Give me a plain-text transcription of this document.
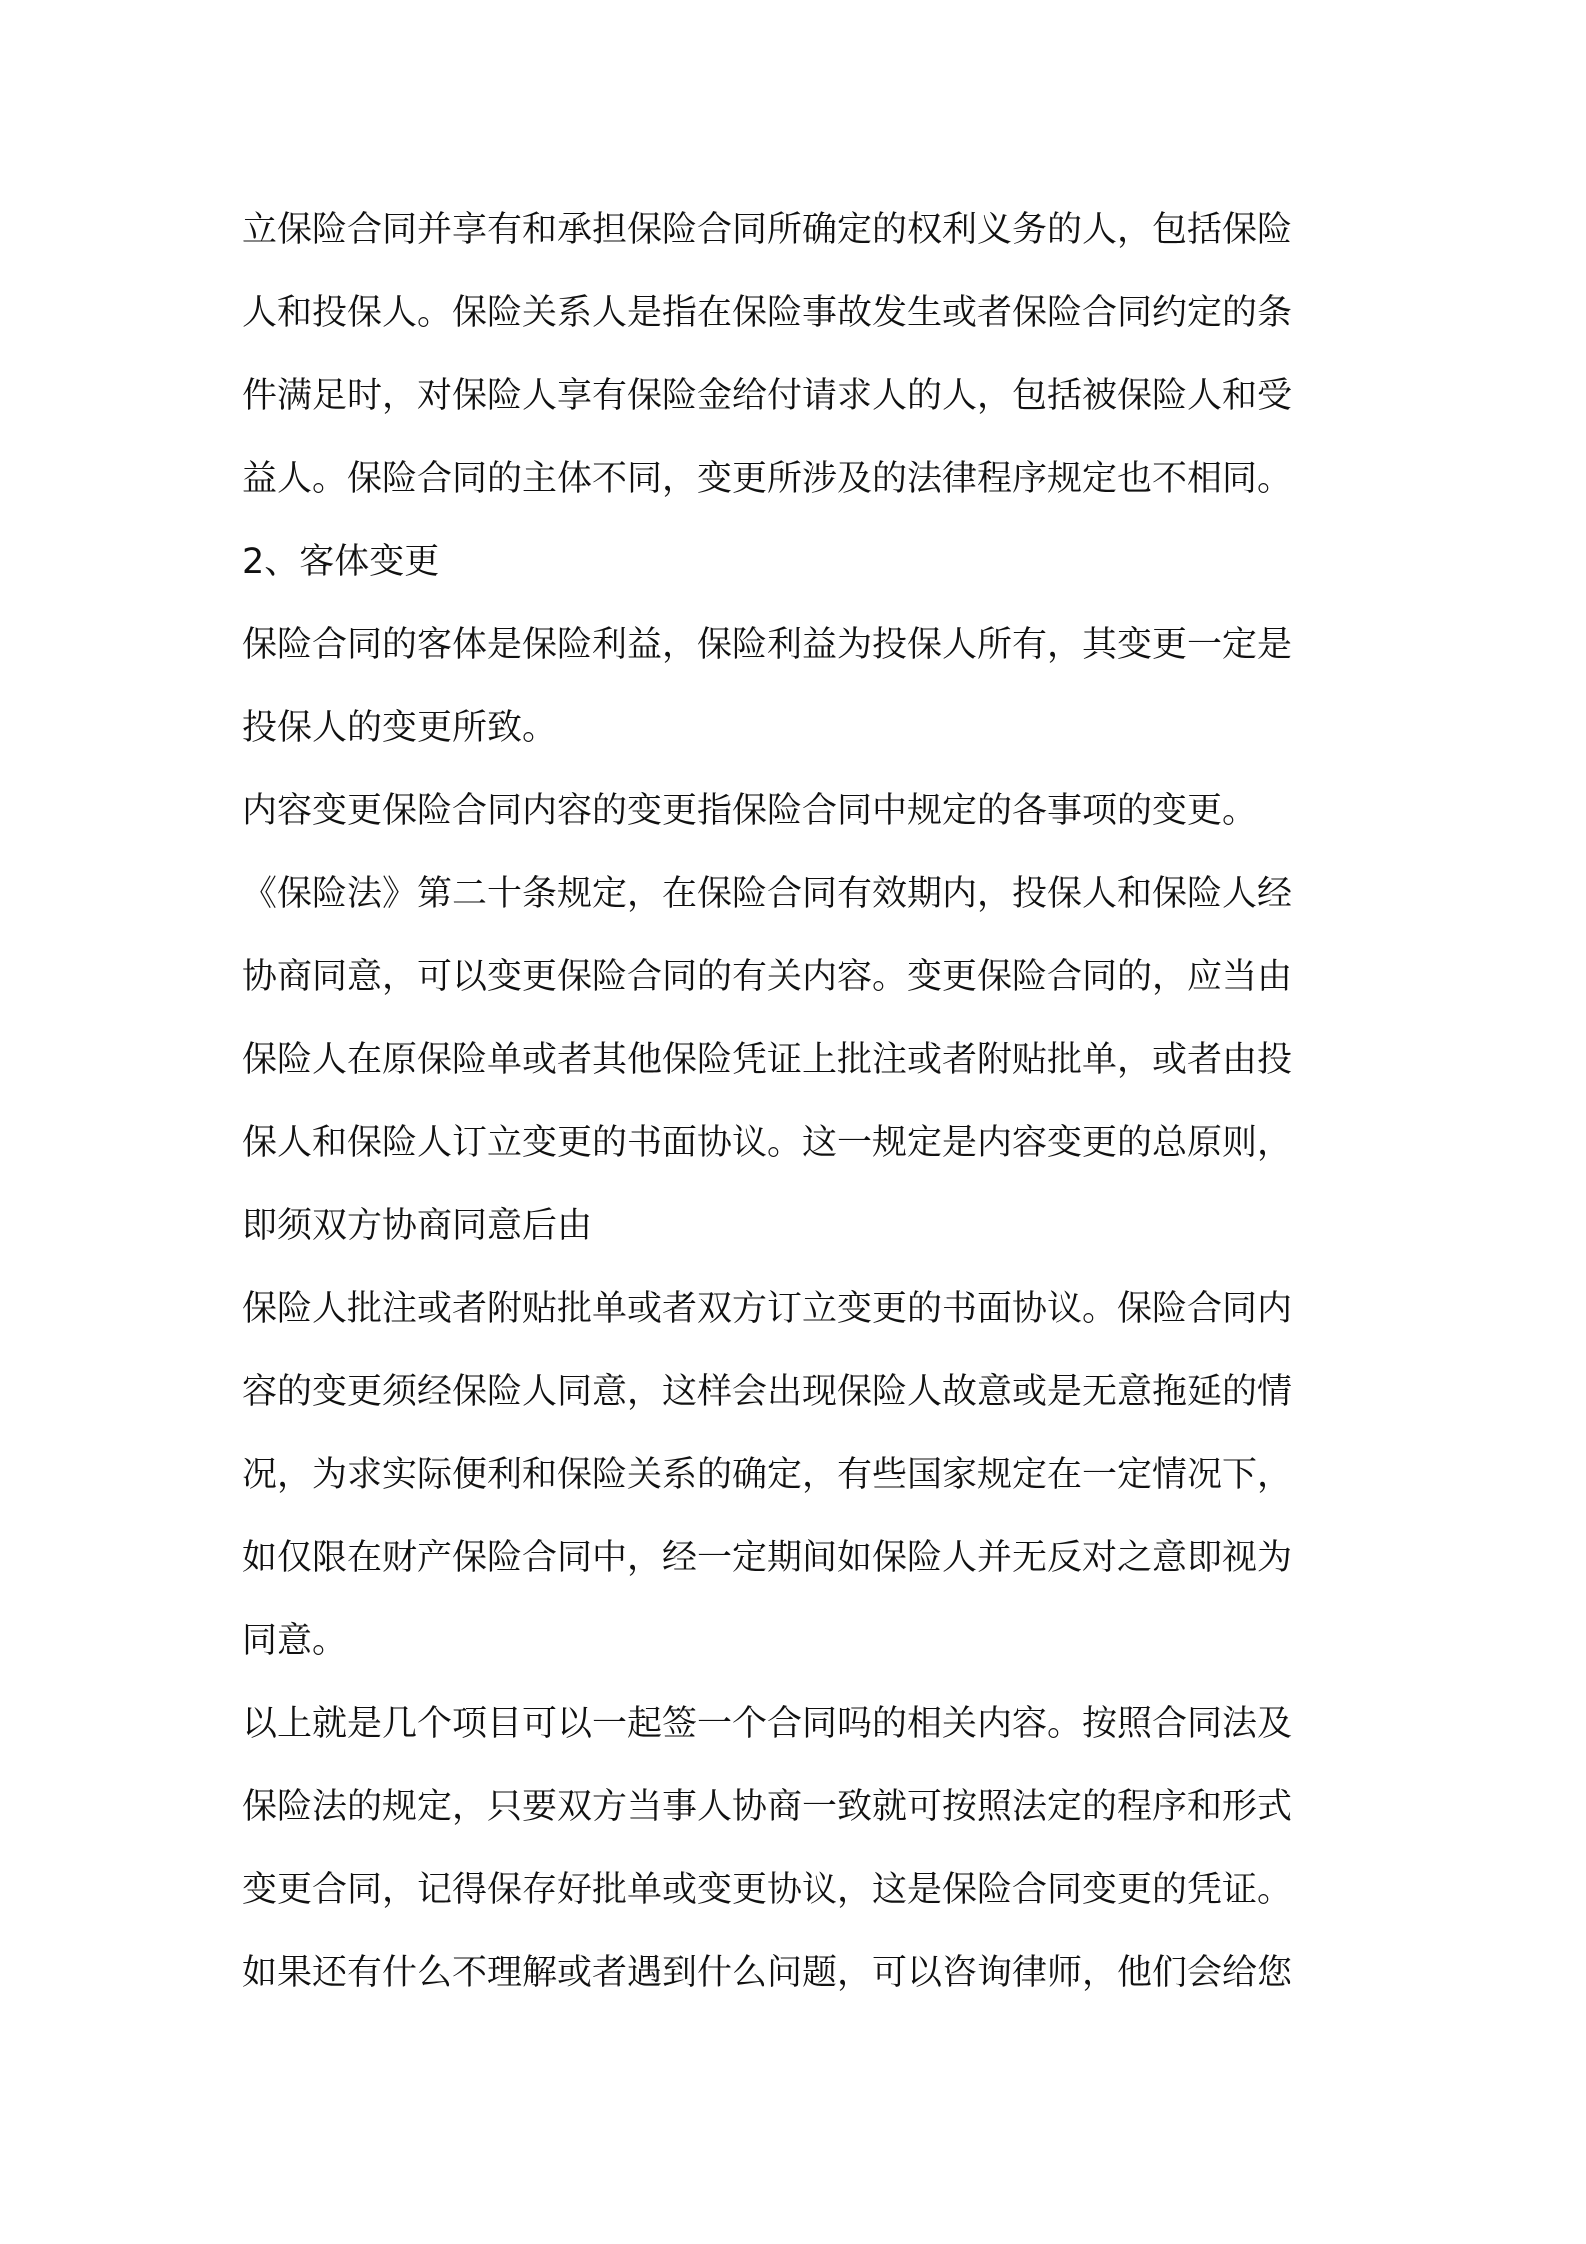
立保险合同并享有和承担保险合同所确定的权利义务的人，包括保险
人和投保人。保险关系人是指在保险事故发生或者保险合同约定的条
件满足时，对保险人享有保险金给付请求人的人，包括被保险人和受
益人。保险合同的主体不同，变更所涉及的法律程序规定也不相同。
2、客体变更
保险合同的客体是保险利益，保险利益为投保人所有，其变更一定是
投保人的变更所致。
内容变更保险合同内容的变更指保险合同中规定的各事项的变更。
《保险法》第二十条规定，在保险合同有效期内，投保人和保险人经
协商同意，可以变更保险合同的有关内容。变更保险合同的，应当由
保险人在原保险单或者其他保险凭证上批注或者附贴批单，或者由投
保人和保险人订立变更的书面协议。这一规定是内容变更的总原则，
即须双方协商同意后由
保险人批注或者附贴批单或者双方订立变更的书面协议。保险合同内
容的变更须经保险人同意，这样会出现保险人故意或是无意拖延的情
况，为求实际便利和保险关系的确定，有些国家规定在一定情况下，
如仅限在财产保险合同中，经一定期间如保险人并无反对之意即视为
同意。
以上就是几个项目可以一起签一个合同吗的相关内容。按照合同法及
保险法的规定，只要双方当事人协商一致就可按照法定的程序和形式
变更合同，记得保存好批单或变更协议，这是保险合同变更的凭证。
如果还有什么不理解或者遇到什么问题，可以咨询律师，他们会给您
